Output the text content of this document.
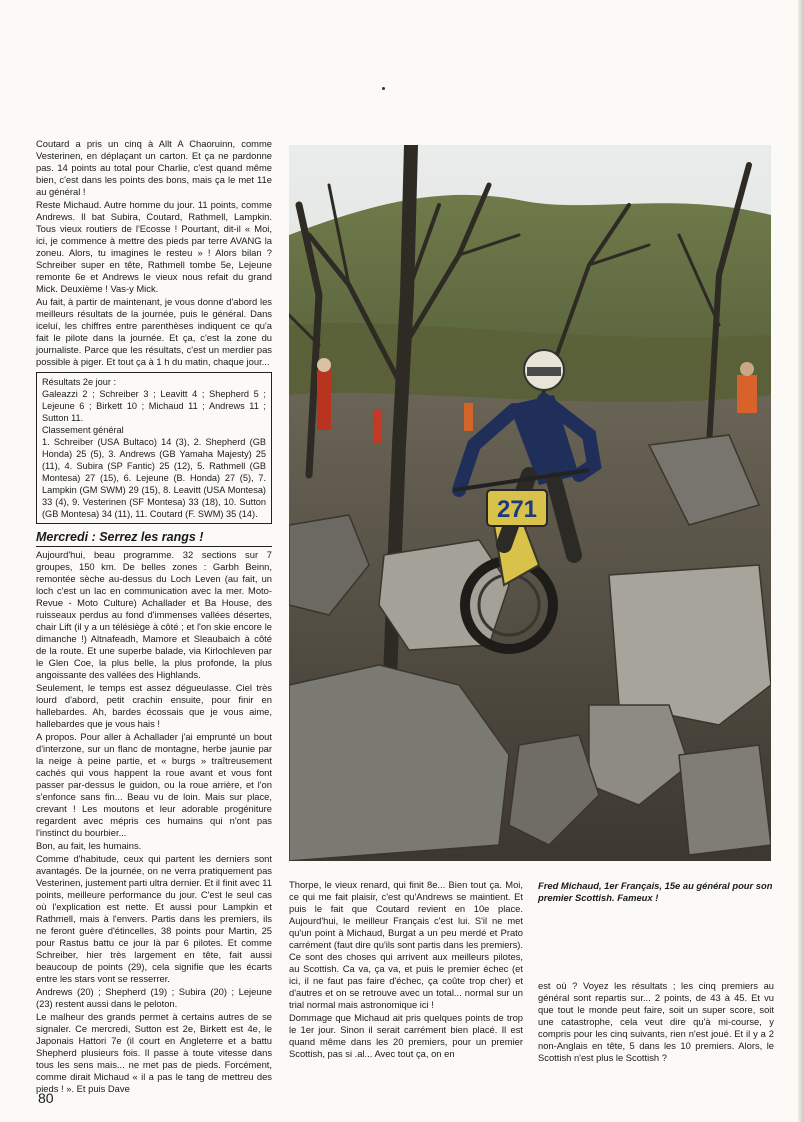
Coutard a pris un cinq à Allt A Chaoruinn, comme Vesterinen, en déplaçant un carton. Et ça ne pardonne pas. 14 points au total pour Charlie, c'est quand même bien, c'est dans les points des bons, mais ça le met 11e au général !

Reste Michaud. Autre homme du jour. 11 points, comme Andrews. Il bat Subira, Coutard, Rathmell, Lampkin. Tous vieux routiers de l'Ecosse ! Pourtant, dit-il « Moi, ici, je commence à mettre des pieds par terre AVANG la zoneu. Alors, tu imagines le resteu » ! Alors bilan ? Schreiber super en tête, Rathmell tombe 5e, Lejeune remonte 6e et Andrews le vieux nous refait du grand Mick. Deuxième ! Vas-y Mick.

Au fait, à partir de maintenant, je vous donne d'abord les meilleurs résultats de la journée, puis le général. Dans iceluí, les chiffres entre parenthèses indiquent ce qu'a fait le pilote dans la journée. Et ça, c'est la zone du journaliste. Parce que les résultats, c'est un merdier pas possible à piger. Et tout ça à 1 h du matin, chaque jour...

Résultats 2e jour :

Galeazzi 2 ; Schreiber 3 ; Leavitt 4 ; Shepherd 5 ; Lejeune 6 ; Birkett 10 ; Michaud 11 ; Andrews 11 ; Sutton 11.

Classement général

1. Schreiber (USA Bultaco) 14 (3), 2. Shepherd (GB Honda) 25 (5), 3. Andrews (GB Yamaha Majesty) 25 (11), 4. Subira (SP Fantic) 25 (12), 5. Rathmell (GB Montesa) 27 (15), 6. Lejeune (B. Honda) 27 (5), 7. Lampkin (GM SWM) 29 (15), 8. Leavitt (USA Montesa) 33 (4), 9. Vesterinen (SF Montesa) 33 (18), 10. Sutton (GB Montesa) 34 (11), 11. Coutard (F. SWM) 35 (14).

Mercredi : Serrez les rangs !

Aujourd'hui, beau programme. 32 sections sur 7 groupes, 150 km. De belles zones : Garbh Beinn, remontée sèche au-dessus du Loch Leven (au fait, un loch c'est un lac en communication avec la mer. Moto-Revue - Moto Culture) Achallader et Ba House, des ruisseaux perdus au fond d'immenses vallées désertes, chair Lift (il y a un télésiège à côté ; et l'on skie encore le dimanche !) Altnafeadh, Mamore et Sleaubaich à côté de la route. Et une superbe balade, via Kirlochleven par le Glen Coe, la plus belle, la plus profonde, la plus angoissante des vallées des Highlands.

Seulement, le temps est assez dégueulasse. Ciel très lourd d'abord, petit crachin ensuite, pour finir en hallebardes. Ah, bardes écossais que je vous aime, hallebardes que je vous hais !

A propos. Pour aller à Achallader j'ai emprunté un bout d'interzone, sur un flanc de montagne, herbe jaunie par la neige à peine partie, et « burgs » traîtreusement cachés qui vous happent la roue avant et vous font passer par-dessus le guidon, ou la roue arrière, et l'on s'enfonce sans fin... Beau vu de loin. Mais sur place, crevant ! Les moutons et leur adorable progéniture regardent avec mépris ces humains qui n'ont pas l'instinct du bourbier...

Bon, au fait, les humains.

Comme d'habitude, ceux qui partent les derniers sont avantagés. De la journée, on ne verra pratiquement pas Vesterinen, justement parti ultra dernier. Et il finit avec 11 points, meilleure performance du jour. C'est le seul cas où l'explication est nette. Et aussi pour Lampkin et Rathmell, mais à l'envers. Partis dans les premiers, ils ne feront guère d'étincelles, 38 points pour Martin, 25 pour Rastus battu ce jour là par 6 pilotes. Et comme Schreiber, hier très largement en tête, fait aussi beaucoup de points (29), cela signifie que les écarts entre les stars vont se resserrer.

Andrews (20) ; Shepherd (19) ; Subira (20) ; Lejeune (23) restent aussi dans le peloton.

Le malheur des grands permet à certains autres de se signaler. Ce mercredi, Sutton est 2e, Birkett est 4e, le Japonais Hattori 7e (il court en Angleterre et a battu Shepherd plusieurs fois. Il passe à toute vitesse dans tous les sens mais... ne met pas de pieds. Forcément, comme dirait Michaud « il a pas le tang de mettreu des pieds ! ». Et puis Dave

271

Thorpe, le vieux renard, qui finit 8e... Bien tout ça. Moi, ce qui me fait plaisir, c'est qu'Andrews se maintient. Et puis le fait que Coutard revient en 10e place. Aujourd'hui, le meilleur Français c'est lui. S'il ne met qu'un point à Michaud, Burgat a un peu merdé et Prato carrément (faut dire qu'ils sont partis dans les premiers). Ce sont des choses qui arrivent aux meilleurs pilotes, au Scottish. Ca va, ça va, et puis le premier échec (et ici, il ne faut pas faire d'échec, ça coûte trop cher) et d'autres et on se retrouve avec un total... normal sur un trial normal mais astronomique ici !

Dommage que Michaud ait pris quelques points de trop le 1er jour. Sinon il serait carrément bien placé. Il est quand même dans les 20 premiers, pour un premier Scottish, pas si .al... Avec tout ça, on en

Fred Michaud, 1er Français, 15e au général pour son premier Scottish. Fameux !

est où ? Voyez les résultats ; les cinq premiers au général sont repartis sur... 2 points, de 43 à 45. Et vu que tout le monde peut faire, soit un super score, soit une catastrophe, cela veut dire qu'à mi-course, y compris pour les cinq suivants, rien n'est joué. Et il y a 2 non-Anglais en tête, 5 dans les 10 premiers. Alors, le Scottish n'est plus le Scottish ?

80
